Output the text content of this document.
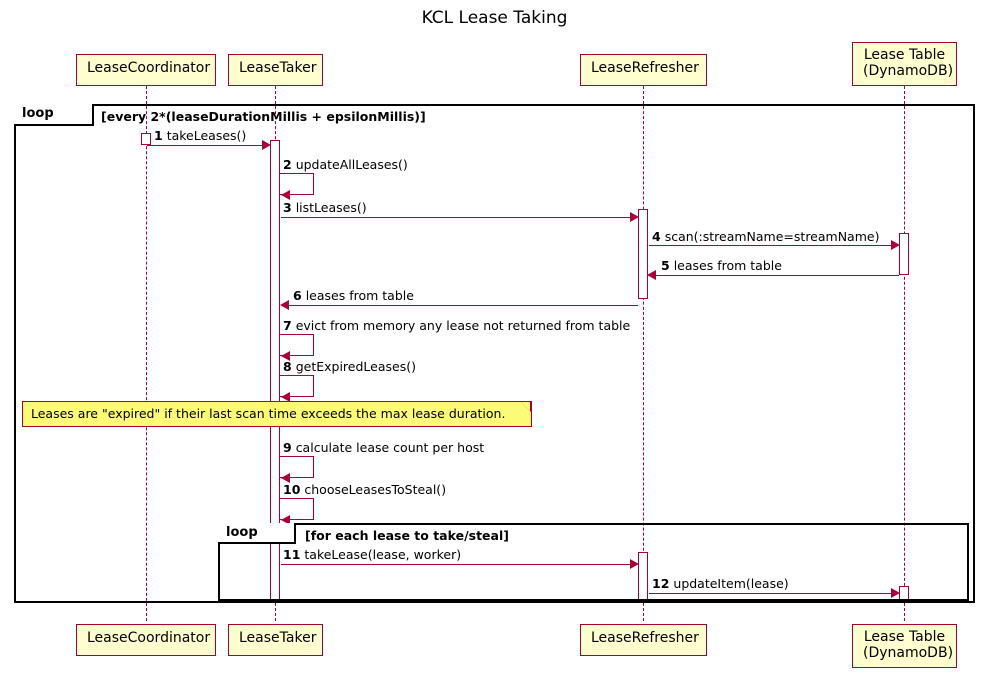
KCL Lease Taking
LeaseCoordinator	LeaseTaker	LeaseRefresher
Lease Table
(DynamoDB)
loop	[every 2*(leaseDurationMillis + epsilonMillis)]
1 takeLeases()
2 updateAllLeases()
3 listLeases()
4 scan(:streamName=streamName)
5 leases from table
6 leases from table
7 evict from memory any lease not returned from table
8 getExpiredLeases()
Leases are "expired" if their last scan time exceeds the max lease duration.
9 calculate lease count per host
10 chooseLeasesToSteal()
loop	[for each lease to take/steal]
11 takeLease(lease, worker)
12 updateItem(lease)
LeaseCoordinator	LeaseTaker	LeaseRefresher	Lease Table
(DynamoDB)
